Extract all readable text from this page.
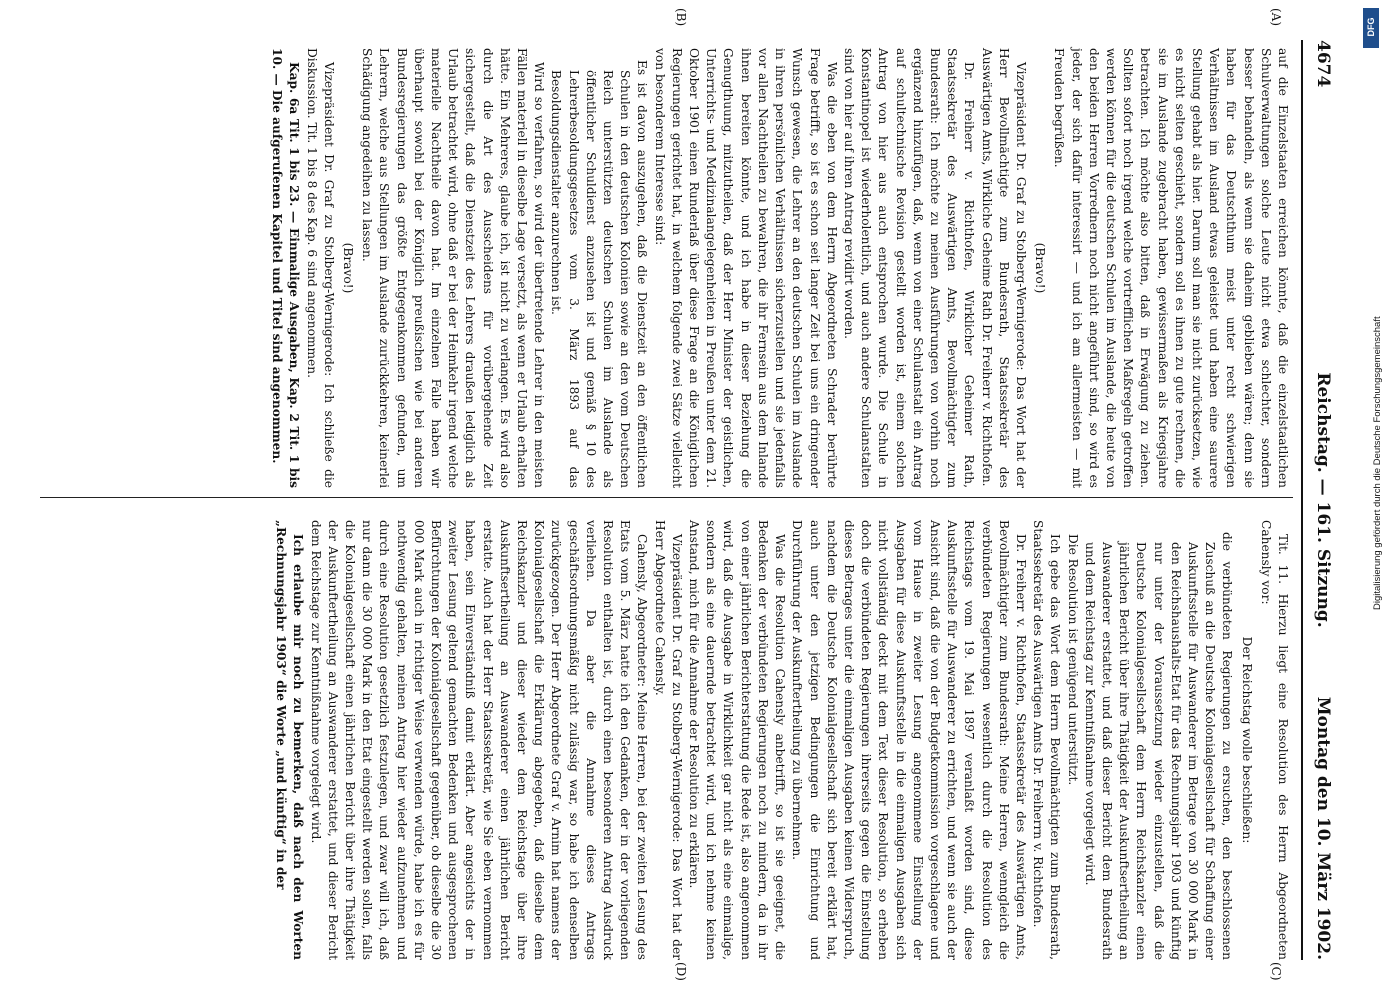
4674
Reichstag. — 161. Sitzung.
Montag den 10. März 1902.
(A)
(B)
(C)
(D)

auf die Einzelstaaten erreichen könnte, daß die einzelstaatlichen Schulverwaltungen solche Leute nicht etwa schlechter, sondern besser behandeln, als wenn sie daheim geblieben wären; denn sie haben für das Deutschthum meist unter recht schwierigen Verhältnissen im Ausland etwas geleistet und haben eine saurere Stellung gehabt als hier. Darum soll man sie nicht zurücksetzen, wie es nicht selten geschieht, sondern soll es ihnen zu gute rechnen, die sie im Auslande zugebracht haben, gewissermaßen als Kriegsjahre betrachten. Ich möchte also bitten, daß in Erwägung zu ziehen. Sollten sofort noch irgend welche vortrefflichen Maßregeln getroffen werden können für die deutschen Schulen im Auslande, die heute von den beiden Herren Vorrednern noch nicht angeführt sind, so wird es jeder, der sich dafür interessirt — und ich am allermeisten — mit Freuden begrüßen.

(Bravo!)

Vizepräsident Dr. Graf zu Stolberg-Wernigerode: Das Wort hat der Herr Bevollmächtigte zum Bundesrath, Staatssekretär des Auswärtigen Amts, Wirkliche Geheime Rath Dr. Freiherr v. Richthofen.

Dr. Freiherr v. Richthofen, Wirklicher Geheimer Rath, Staatssekretär des Auswärtigen Amts, Bevollmächtigter zum Bundesrath: Ich möchte zu meinen Ausführungen von vorhin noch ergänzend hinzufügen, daß, wenn von einer Schulanstalt ein Antrag auf schultechnische Revision gestellt worden ist, einem solchen Antrag von hier aus auch entsprochen wurde. Die Schule in Konstantinopel ist wiederholentlich, und auch andere Schulanstalten sind von hier auf ihren Antrag revidirt worden.

Was die eben von dem Herrn Abgeordneten Schrader berührte Frage betrifft, so ist es schon seit langer Zeit bei uns ein dringender Wunsch gewesen, die Lehrer an den deutschen Schulen im Auslande in ihren persönlichen Verhältnissen sicherzustellen und sie jedenfalls vor allen Nachtheilen zu bewahren, die ihr Fernsein aus dem Inlande ihnen bereiten könnte, und ich habe in dieser Beziehung die Genugthuung, mitzutheilen, daß der Herr Minister der geistlichen, Unterrichts- und Medizinalangelegenheiten in Preußen unter dem 21. Oktober 1901 einen Runderlaß über diese Frage an die Königlichen Regierungen gerichtet hat, in welchem folgende zwei Sätze vielleicht von besonderem Interesse sind:

Es ist davon auszugehen, daß die Dienstzeit an den öffentlichen Schulen in den deutschen Kolonien sowie an den vom Deutschen Reich unterstützten deutschen Schulen im Auslande als öffentlicher Schuldienst anzusehen ist und gemäß § 10 des Lehrerbesoldungsgesetzes vom 3. März 1893 auf das Besoldungsdienstalter anzurechnen ist.

Wird so verfahren, so wird der übertretende Lehrer in den meisten Fällen materiell in dieselbe Lage versetzt, als wenn er Urlaub erhalten hätte. Ein Mehreres, glaube ich, ist nicht zu verlangen. Es wird also durch die Art des Ausscheidens für vorübergehende Zeit sichergestellt, daß die Dienstzeit des Lehrers draußen lediglich als Urlaub betrachtet wird, ohne daß er bei der Heimkehr irgend welche materielle Nachtheile davon hat. Im einzelnen Falle haben wir überhaupt sowohl bei der Königlich preußischen wie bei anderen Bundesregierungen das größte Entgegenkommen gefunden, um Lehrern, welche aus Stellungen im Auslande zurückkehren, keinerlei Schädigung angedeihen zu lassen.

(Bravo!)

Vizepräsident Dr. Graf zu Stolberg-Wernigerode: Ich schließe die Diskussion. Tit. 1 bis 8 des Kap. 6 sind angenommen.

Kap. 6a Tit. 1 bis 23. — Einmalige Ausgaben, Kap. 2 Tit. 1 bis 10. — Die aufgerufenen Kapitel und Titel sind angenommen.

Tit. 11. Hierzu liegt eine Resolution des Herrn Abgeordneten Cahensly vor:

Der Reichstag wolle beschließen:

die verbündeten Regierungen zu ersuchen, den beschlossenen Zuschuß an die Deutsche Kolonialgesellschaft für Schaffung einer Auskunftsstelle für Auswanderer im Betrage von 30 000 Mark in den Reichshaushalts-Etat für das Rechnungsjahr 1903 und künftig nur unter der Voraussetzung wieder einzustellen, daß die Deutsche Kolonialgesellschaft dem Herrn Reichskanzler einen jährlichen Bericht über ihre Thätigkeit der Auskunftsertheilung an Auswanderer erstattet, und daß dieser Bericht dem Bundesrath und dem Reichstag zur Kenntnißnahme vorgelegt wird.

Die Resolution ist genügend unterstützt.

Ich gebe das Wort dem Herrn Bevollmächtigten zum Bundesrath, Staatssekretär des Auswärtigen Amts Dr. Freiherrn v. Richthofen.

Dr. Freiherr v. Richthofen, Staatssekretär des Auswärtigen Amts, Bevollmächtigter zum Bundesrath: Meine Herren, wenngleich die verbündeten Regierungen wesentlich durch die Resolution des Reichstags vom 19. Mai 1897 veranlaßt worden sind, diese Auskunftsstelle für Auswanderer zu errichten, und wenn sie auch der Ansicht sind, daß die von der Budgetkommission vorgeschlagene und vom Hause in zweiter Lesung angenommene Einstellung der Ausgaben für diese Auskunftsstelle in die einmaligen Ausgaben sich nicht vollständig deckt mit dem Text dieser Resolution, so erheben doch die verbündeten Regierungen ihrerseits gegen die Einstellung dieses Betrages unter die einmaligen Ausgaben keinen Widerspruch, nachdem die Deutsche Kolonialgesellschaft sich bereit erklärt hat, auch unter den jetzigen Bedingungen die Einrichtung und Durchführung der Auskunftertheilung zu übernehmen.

Was die Resolution Cahensly anbetrifft, so ist sie geeignet, die Bedenken der verbündeten Regierungen noch zu mindern, da in ihr von einer jährlichen Berichterstattung die Rede ist, also angenommen wird, daß die Ausgabe in Wirklichkeit gar nicht als eine einmalige, sondern als eine dauernde betrachtet wird, und ich nehme keinen Anstand, mich für die Annahme der Resolution zu erklären.

Vizepräsident Dr. Graf zu Stolberg-Wernigerode: Das Wort hat der Herr Abgeordnete Cahensly.

Cahensly, Abgeordneter: Meine Herren, bei der zweiten Lesung des Etats vom 5. März hatte ich den Gedanken, der in der vorliegenden Resolution enthalten ist, durch einen besonderen Antrag Ausdruck verliehen. Da aber die Annahme dieses Antrags geschäftsordnungsmäßig nicht zulässig war, so habe ich denselben zurückgezogen. Der Herr Abgeordnete Graf v. Arnim hat namens der Kolonialgesellschaft die Erklärung abgegeben, daß dieselbe dem Reichskanzler und dieser wieder dem Reichstage über ihre Auskunftsertheilung an Auswanderer einen jährlichen Bericht erstatte. Auch hat der Herr Staatssekretär, wie Sie eben vernommen haben, sein Einverständniß damit erklärt. Aber angesichts der in zweiter Lesung geltend gemachten Bedenken und ausgesprochenen Befürchtungen der Kolonialgesellschaft gegenüber, ob dieselbe die 30 000 Mark auch in richtiger Weise verwenden würde, habe ich es für nothwendig gehalten, meinen Antrag hier wieder aufzunehmen und durch eine Resolution gesetzlich festzulegen, und zwar will ich, daß nur dann die 30 000 Mark in den Etat eingestellt werden sollen, falls die Kolonialgesellschaft einen jährlichen Bericht über ihre Thätigkeit der Auskunftertheilung an Auswanderer erstattet, und dieser Bericht dem Reichstage zur Kenntnißnahme vorgelegt wird.

Ich erlaube mir noch zu bemerken, daß nach den Worten „Rechnungsjahr 1903“ die Worte „und künftig“ in der

DFG
Digitalisierung gefördert durch die Deutsche Forschungsgemeinschaft
